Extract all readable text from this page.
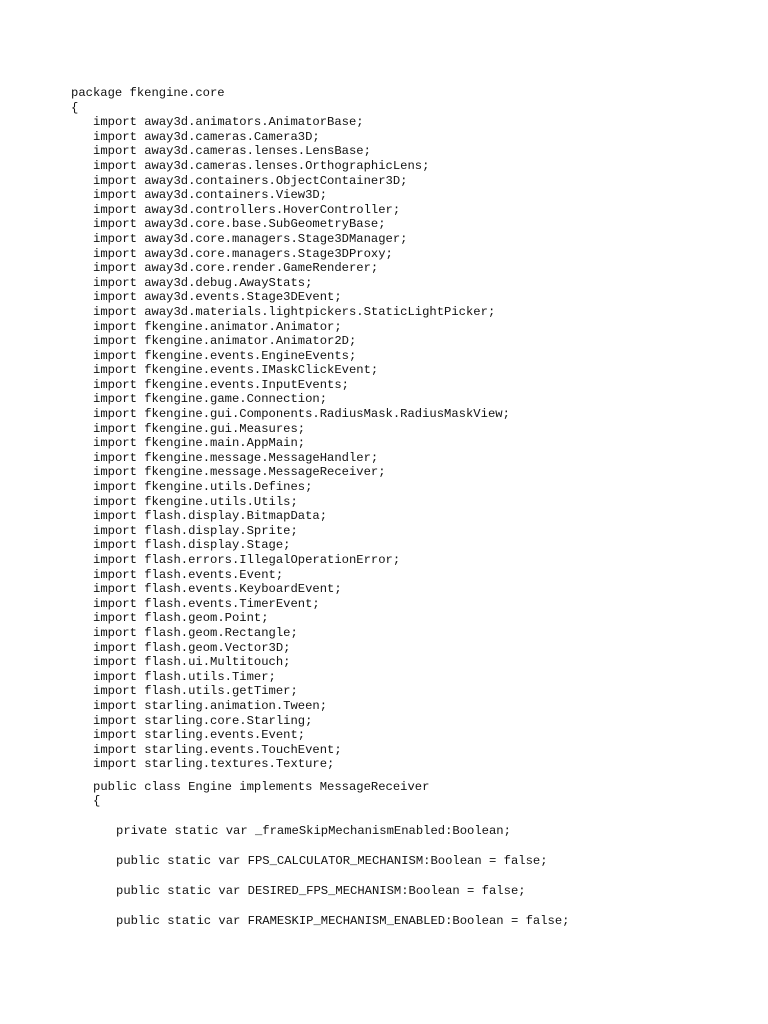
package fkengine.core
{
import away3d.animators.AnimatorBase;
import away3d.cameras.Camera3D;
import away3d.cameras.lenses.LensBase;
import away3d.cameras.lenses.OrthographicLens;
import away3d.containers.ObjectContainer3D;
import away3d.containers.View3D;
import away3d.controllers.HoverController;
import away3d.core.base.SubGeometryBase;
import away3d.core.managers.Stage3DManager;
import away3d.core.managers.Stage3DProxy;
import away3d.core.render.GameRenderer;
import away3d.debug.AwayStats;
import away3d.events.Stage3DEvent;
import away3d.materials.lightpickers.StaticLightPicker;
import fkengine.animator.Animator;
import fkengine.animator.Animator2D;
import fkengine.events.EngineEvents;
import fkengine.events.IMaskClickEvent;
import fkengine.events.InputEvents;
import fkengine.game.Connection;
import fkengine.gui.Components.RadiusMask.RadiusMaskView;
import fkengine.gui.Measures;
import fkengine.main.AppMain;
import fkengine.message.MessageHandler;
import fkengine.message.MessageReceiver;
import fkengine.utils.Defines;
import fkengine.utils.Utils;
import flash.display.BitmapData;
import flash.display.Sprite;
import flash.display.Stage;
import flash.errors.IllegalOperationError;
import flash.events.Event;
import flash.events.KeyboardEvent;
import flash.events.TimerEvent;
import flash.geom.Point;
import flash.geom.Rectangle;
import flash.geom.Vector3D;
import flash.ui.Multitouch;
import flash.utils.Timer;
import flash.utils.getTimer;
import starling.animation.Tween;
import starling.core.Starling;
import starling.events.Event;
import starling.events.TouchEvent;
import starling.textures.Texture;
public class Engine implements MessageReceiver
{
private static var _frameSkipMechanismEnabled:Boolean;
public static var FPS_CALCULATOR_MECHANISM:Boolean = false;
public static var DESIRED_FPS_MECHANISM:Boolean = false;
public static var FRAMESKIP_MECHANISM_ENABLED:Boolean = false;
